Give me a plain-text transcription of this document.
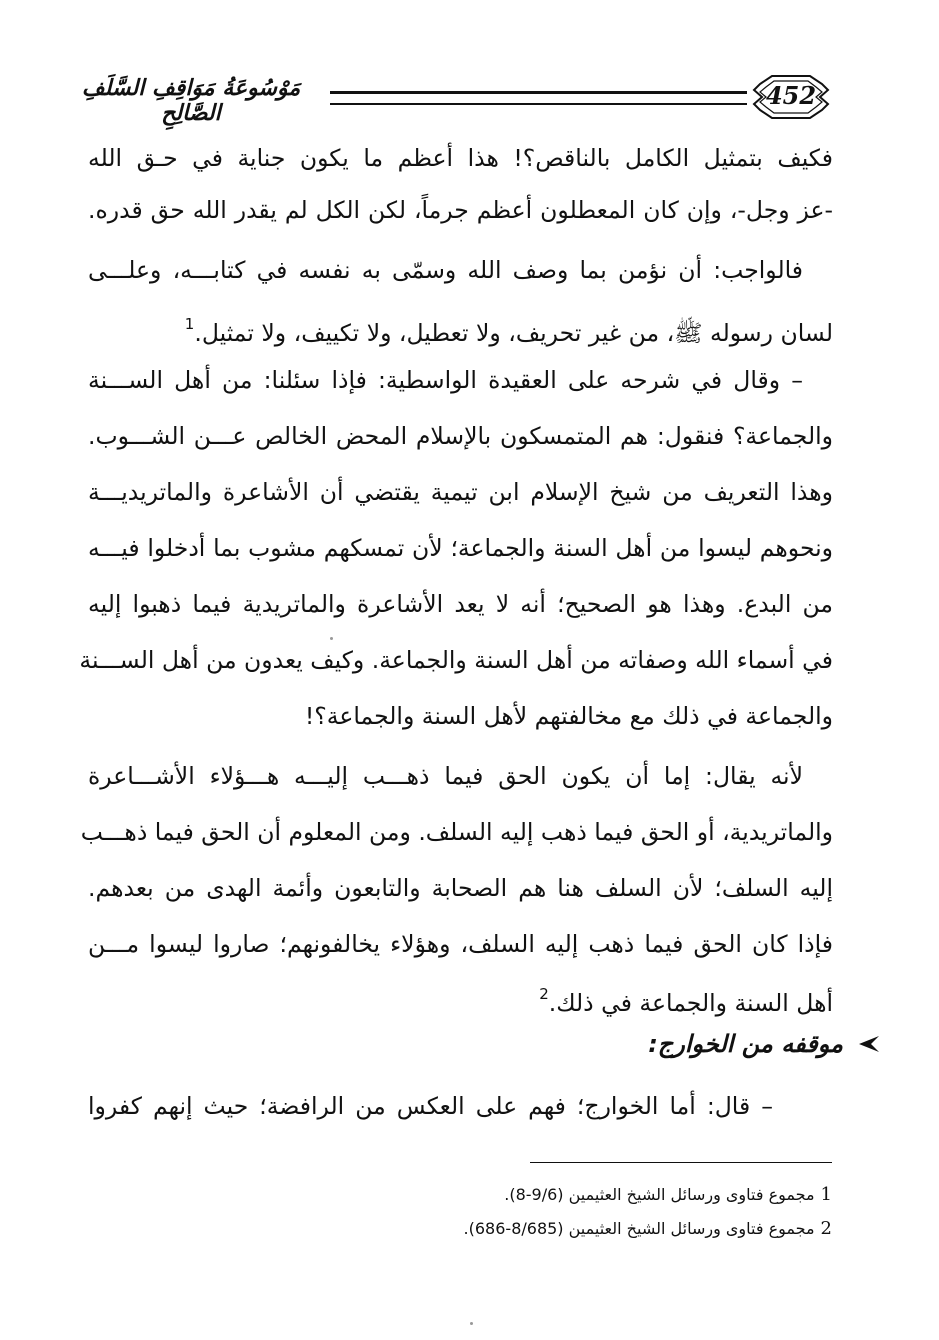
مَوْسُوعَةُ مَوَاقِفِ السَّلَفِ الصَّالِحِ
452
فكيف بتمثيل الكامل بالناقص؟! هذا أعظم ما يكون جناية في حـق الله
-عز وجل-، وإن كان المعطلون أعظم جرماً، لكن الكل لم يقدر الله حق قدره.
فالواجب: أن نؤمن بما وصف الله وسمّى به نفسه في كتابـــه، وعلـــى
لسان رسوله ﷺ، من غير تحريف، ولا تعطيل، ولا تكييف، ولا تمثيل.$^1$
– وقال في شرحه على العقيدة الواسطية: فإذا سئلنا: من أهل الســـنة
والجماعة؟ فنقول: هم المتمسكون بالإسلام المحض الخالص عـــن الشـــوب.
وهذا التعريف من شيخ الإسلام ابن تيمية يقتضي أن الأشاعرة والماتريديـــة
ونحوهم ليسوا من أهل السنة والجماعة؛ لأن تمسكهم مشوب بما أدخلوا فيـــه
من البدع. وهذا هو الصحيح؛ أنه لا يعد الأشاعرة والماتريدية فيما ذهبوا إليه
في أسماء الله وصفاته من أهل السنة والجماعة. وكيف يعدون من أهل الســـنة
والجماعة في ذلك مع مخالفتهم لأهل السنة والجماعة؟!
لأنه يقال: إما أن يكون الحق فيما ذهـــب إليـــه هـــؤلاء الأشـــاعرة
والماتريدية، أو الحق فيما ذهب إليه السلف. ومن المعلوم أن الحق فيما ذهـــب
إليه السلف؛ لأن السلف هنا هم الصحابة والتابعون وأئمة الهدى من بعدهم.
فإذا كان الحق فيما ذهب إليه السلف، وهؤلاء يخالفونهم؛ صاروا ليسوا مـــن
أهل السنة والجماعة في ذلك.$^2$
موقفه من الخوارج:
– قال: أما الخوارج؛ فهم على العكس من الرافضة؛ حيث إنهم كفروا
1مجموع فتاوى ورسائل الشيخ العثيمين (9/6-8).
2مجموع فتاوى ورسائل الشيخ العثيمين (8/685-686).
